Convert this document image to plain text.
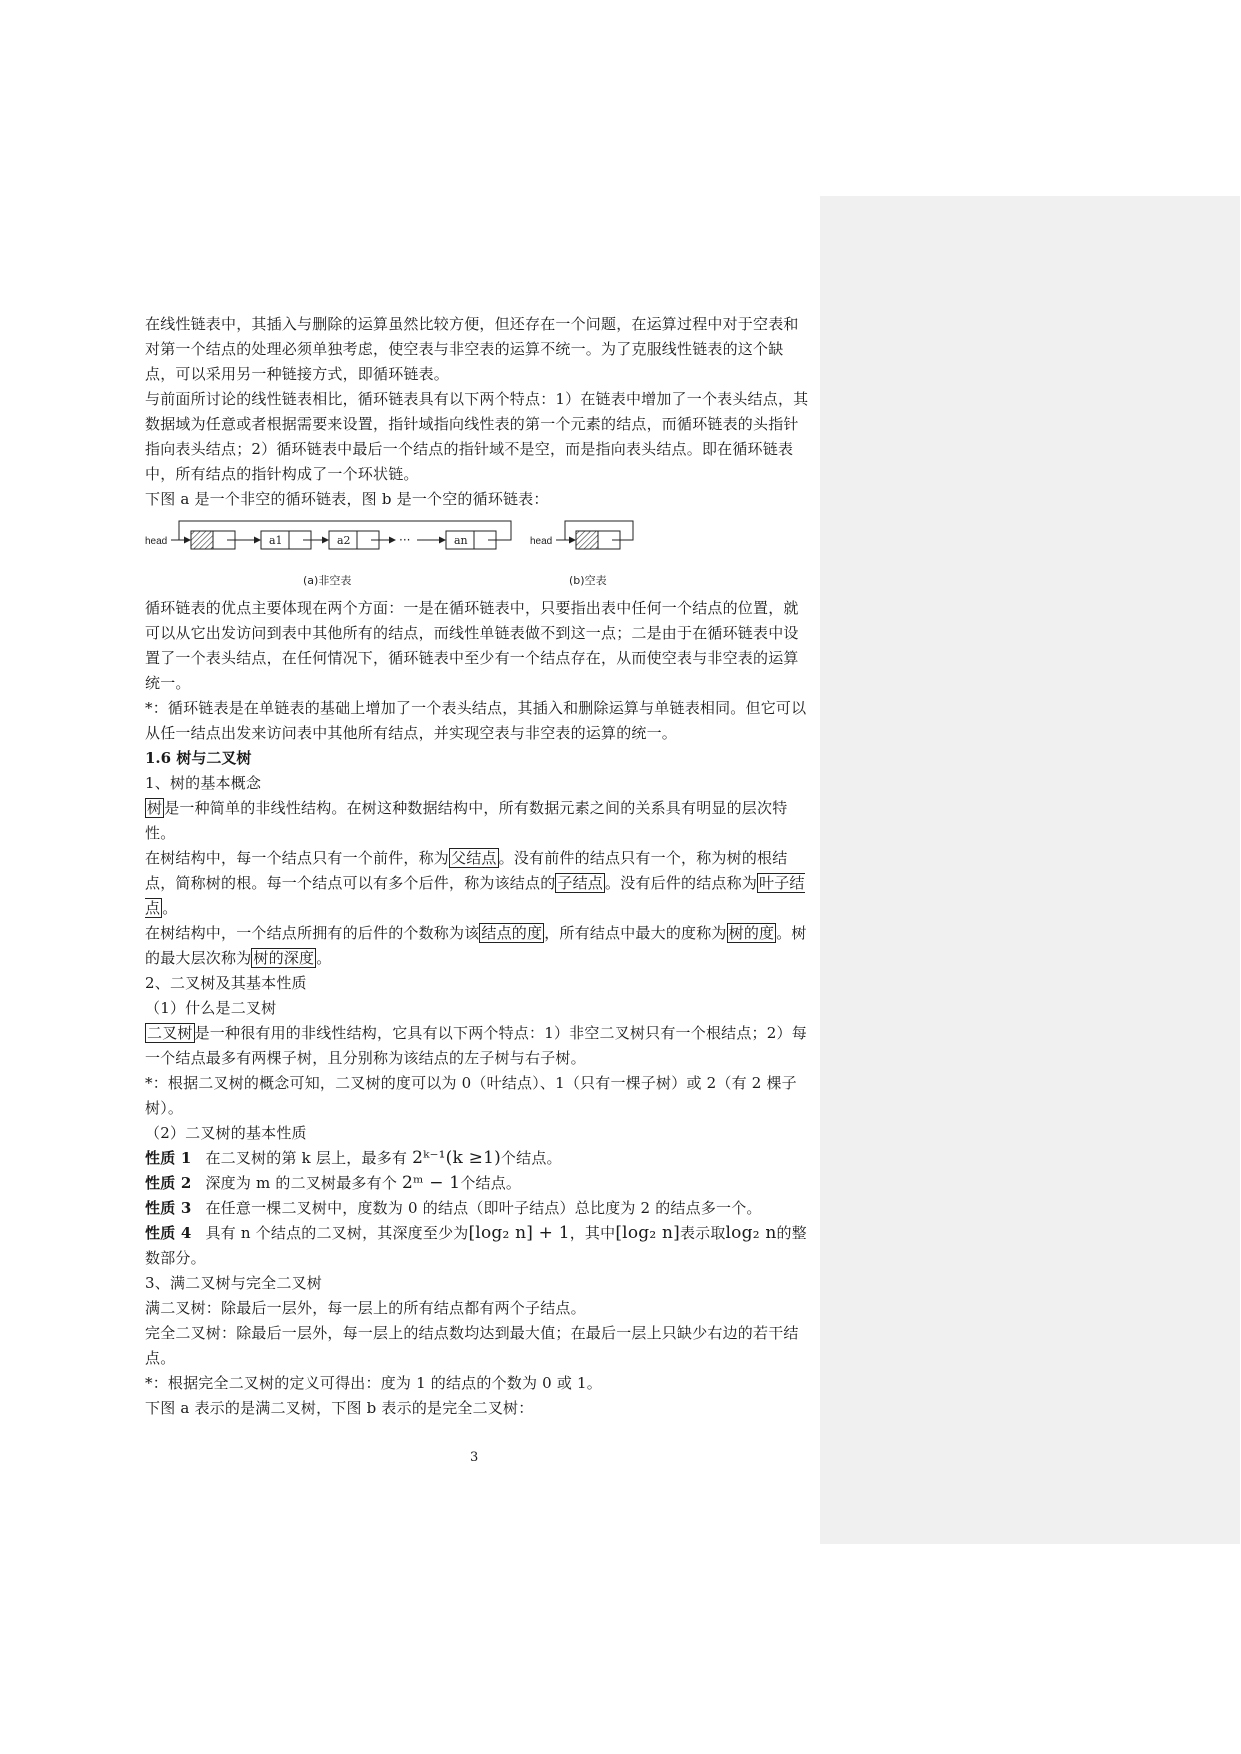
在线性链表中，其插入与删除的运算虽然比较方便，但还存在一个问题，在运算过程中对于空表和对第一个结点的处理必须单独考虑，使空表与非空表的运算不统一。为了克服线性链表的这个缺点，可以采用另一种链接方式，即循环链表。

与前面所讨论的线性链表相比，循环链表具有以下两个特点：1）在链表中增加了一个表头结点，其数据域为任意或者根据需要来设置，指针域指向线性表的第一个元素的结点，而循环链表的头指针指向表头结点；2）循环链表中最后一个结点的指针域不是空，而是指向表头结点。即在循环链表中，所有结点的指针构成了一个环状链。

下图 a 是一个非空的循环链表，图 b 是一个空的循环链表：

head	head
a1	a2	an
···
(a)非空表	(b)空表

循环链表的优点主要体现在两个方面：一是在循环链表中，只要指出表中任何一个结点的位置，就可以从它出发访问到表中其他所有的结点，而线性单链表做不到这一点；二是由于在循环链表中设置了一个表头结点，在任何情况下，循环链表中至少有一个结点存在，从而使空表与非空表的运算统一。

*：循环链表是在单链表的基础上增加了一个表头结点，其插入和删除运算与单链表相同。但它可以从任一结点出发来访问表中其他所有结点，并实现空表与非空表的运算的统一。

1.6 树与二叉树

1、树的基本概念

树 是一种简单的非线性结构。在树这种数据结构中，所有数据元素之间的关系具有明显的层次特性。

在树结构中，每一个结点只有一个前件，称为 父结点 。没有前件的结点只有一个，称为树的根结点，简称树的根。每一个结点可以有多个后件，称为该结点的 子结点 。没有后件的结点称为 叶子结点 。

在树结构中，一个结点所拥有的后件的个数称为该 结点的度 ，所有结点中最大的度称为 树的度 。树的最大层次称为 树的深度 。

2、二叉树及其基本性质

（1）什么是二叉树

二叉树 是一种很有用的非线性结构，它具有以下两个特点：1）非空二叉树只有一个根结点；2）每一个结点最多有两棵子树，且分别称为该结点的左子树与右子树。

*：根据二叉树的概念可知，二叉树的度可以为 0（叶结点）、1（只有一棵子树）或 2（有 2 棵子树）。

（2）二叉树的基本性质

性质 1 在二叉树的第 k 层上，最多有 2ᵏ⁻¹(k ≥1)个结点。

性质 2 深度为 m 的二叉树最多有个 2ᵐ − 1个结点。

性质 3 在任意一棵二叉树中，度数为 0 的结点（即叶子结点）总比度为 2 的结点多一个。

性质 4 具有 n 个结点的二叉树，其深度至少为[log₂ n] + 1，其中[log₂ n]表示取log₂ n的整数部分。

3、满二叉树与完全二叉树

满二叉树：除最后一层外，每一层上的所有结点都有两个子结点。

完全二叉树：除最后一层外，每一层上的结点数均达到最大值；在最后一层上只缺少右边的若干结点。

*：根据完全二叉树的定义可得出：度为 1 的结点的个数为 0 或 1。

下图 a 表示的是满二叉树，下图 b 表示的是完全二叉树：

3
